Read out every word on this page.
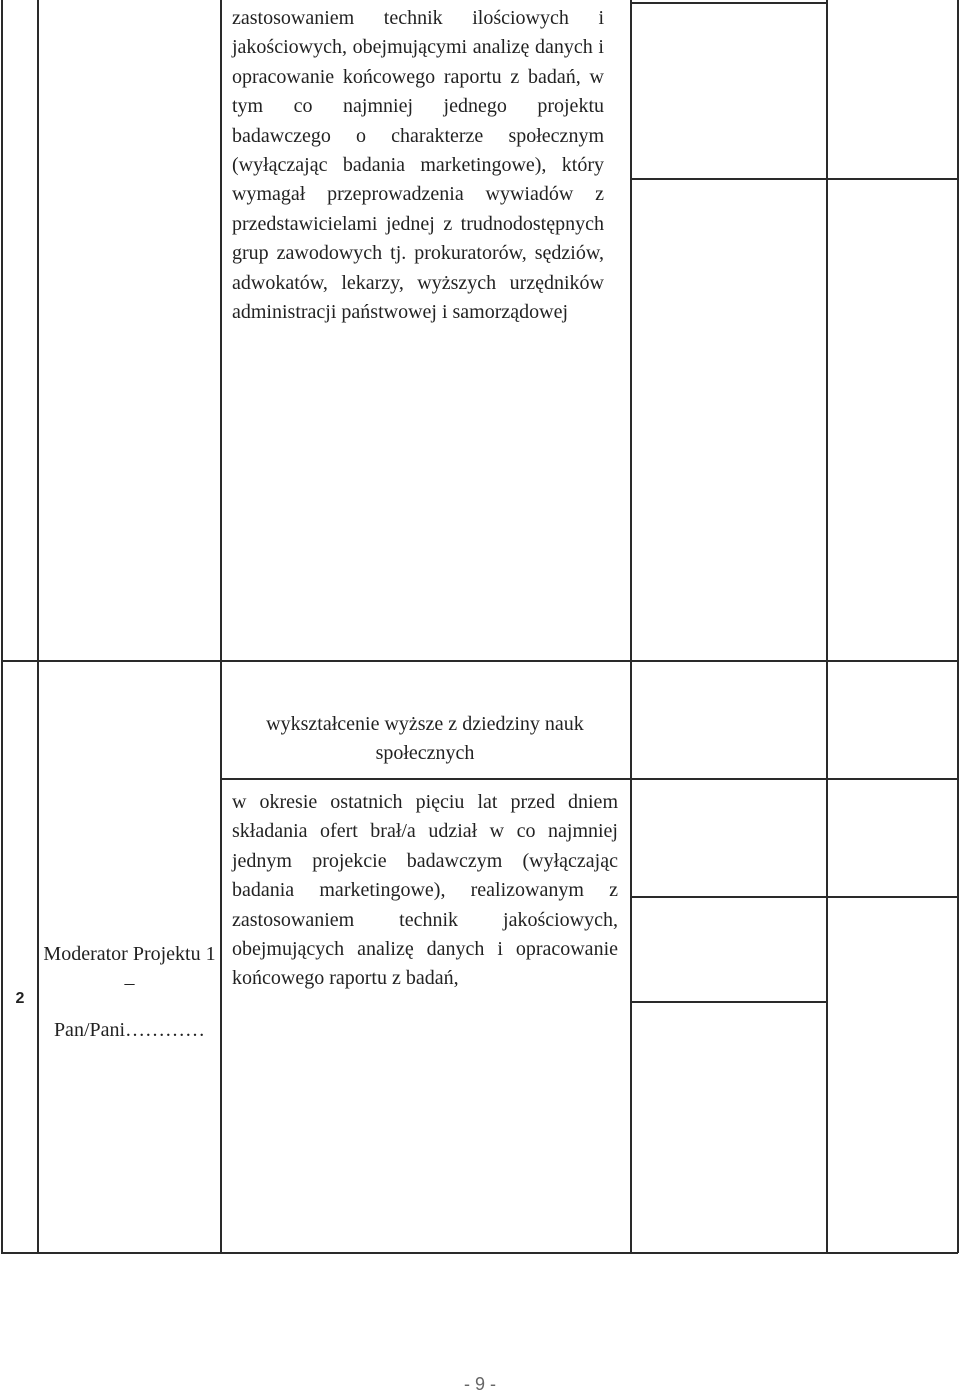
zastosowaniem technik ilościowych i jakościowych, obejmującymi analizę danych i opracowanie końcowego raportu z badań, w tym co najmniej jednego projektu badawczego o charakterze społecznym (wyłączając badania marketingowe), który wymagał przeprowadzenia wywiadów z przedstawicielami jednej z trudnodostępnych grup zawodowych tj. prokuratorów, sędziów, adwokatów, lekarzy, wyższych urzędników administracji państwowej i samorządowej
2
Moderator Projektu 1 –
Pan/Pani…………
wykształcenie wyższe z dziedziny nauk społecznych
w okresie ostatnich pięciu lat przed dniem składania ofert brał/a udział w co najmniej jednym projekcie badawczym (wyłączając badania marketingowe), realizowanym z zastosowaniem technik jakościowych, obejmujących analizę danych i opracowanie końcowego raportu z badań,
- 9 -
